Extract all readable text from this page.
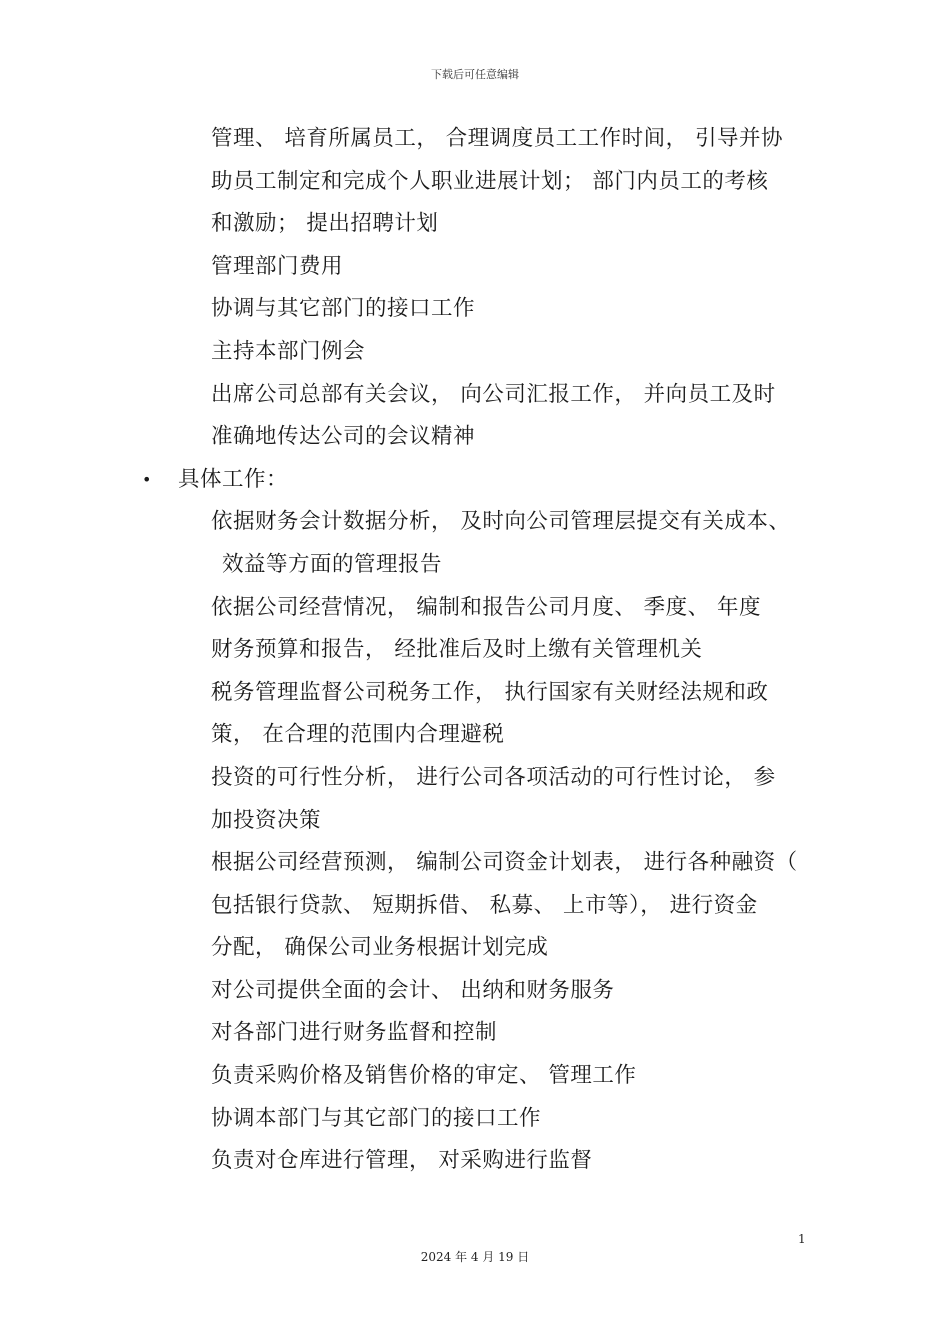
下载后可任意编辑
管理、 培育所属员工， 合理调度员工工作时间， 引导并协
助员工制定和完成个人职业进展计划； 部门内员工的考核
和激励； 提出招聘计划
管理部门费用
协调与其它部门的接口工作
主持本部门例会
出席公司总部有关会议， 向公司汇报工作， 并向员工及时
准确地传达公司的会议精神
• 具体工作：
依据财务会计数据分析， 及时向公司管理层提交有关成本、
效益等方面的管理报告
依据公司经营情况， 编制和报告公司月度、 季度、 年度
财务预算和报告， 经批准后及时上缴有关管理机关
税务管理监督公司税务工作， 执行国家有关财经法规和政
策， 在合理的范围内合理避税
投资的可行性分析， 进行公司各项活动的可行性讨论， 参
加投资决策
根据公司经营预测， 编制公司资金计划表， 进行各种融资（
包括银行贷款、 短期拆借、 私募、 上市等）， 进行资金
分配， 确保公司业务根据计划完成
对公司提供全面的会计、 出纳和财务服务
对各部门进行财务监督和控制
负责采购价格及销售价格的审定、 管理工作
协调本部门与其它部门的接口工作
负责对仓库进行管理， 对采购进行监督
1
2024 年 4 月 19 日
